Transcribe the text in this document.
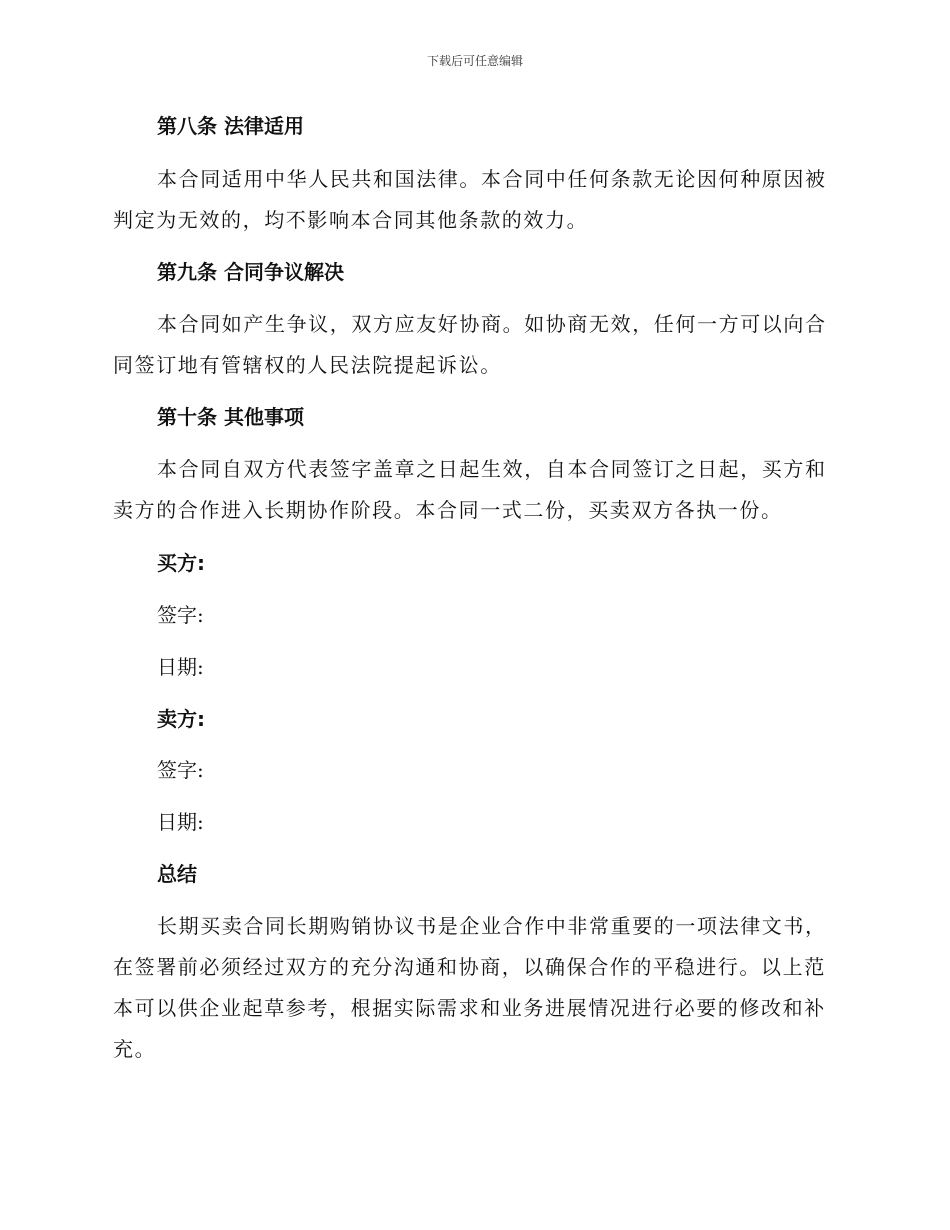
下载后可任意编辑
第八条 法律适用
本合同适用中华人民共和国法律。本合同中任何条款无论因何种原因被
判定为无效的，均不影响本合同其他条款的效力。
第九条 合同争议解决
本合同如产生争议，双方应友好协商。如协商无效，任何一方可以向合
同签订地有管辖权的人民法院提起诉讼。
第十条 其他事项
本合同自双方代表签字盖章之日起生效，自本合同签订之日起，买方和
卖方的合作进入长期协作阶段。本合同一式二份，买卖双方各执一份。
买方:
签字:
日期:
卖方:
签字:
日期:
总结
长期买卖合同长期购销协议书是企业合作中非常重要的一项法律文书，
在签署前必须经过双方的充分沟通和协商，以确保合作的平稳进行。以上范
本可以供企业起草参考，根据实际需求和业务进展情况进行必要的修改和补
充。
